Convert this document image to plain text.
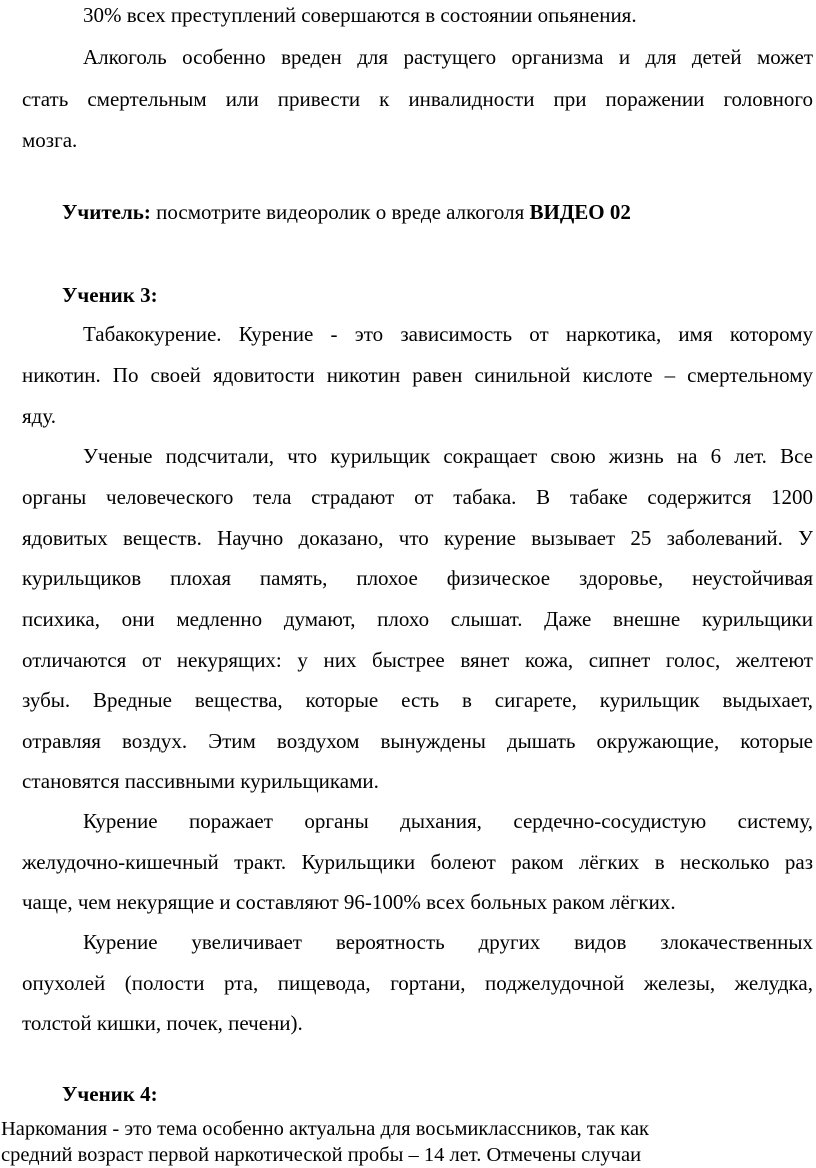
30% всех преступлений совершаются в состоянии опьянения.

Алкоголь особенно вреден для растущего организма и для детей может

стать смертельным или привести к инвалидности при поражении головного

мозга.

Учитель: посмотрите видеоролик о вреде алкоголя ВИДЕО 02

Ученик 3:

Табакокурение. Курение - это зависимость от наркотика, имя которому

никотин. По своей ядовитости никотин равен синильной кислоте – смертельному

яду.

Ученые подсчитали, что курильщик сокращает свою жизнь на 6 лет. Все

органы человеческого тела страдают от табака. В табаке содержится 1200

ядовитых веществ. Научно доказано, что курение вызывает 25 заболеваний. У

курильщиков плохая память, плохое физическое здоровье, неустойчивая

психика, они медленно думают, плохо слышат. Даже внешне курильщики

отличаются от некурящих: у них быстрее вянет кожа, сипнет голос, желтеют

зубы. Вредные вещества, которые есть в сигарете, курильщик выдыхает,

отравляя воздух. Этим воздухом вынуждены дышать окружающие, которые

становятся пассивными курильщиками.

Курение поражает органы дыхания, сердечно-сосудистую систему,

желудочно-кишечный тракт. Курильщики болеют раком лёгких в несколько раз

чаще, чем некурящие и составляют 96-100% всех больных раком лёгких.

Курение увеличивает вероятность других видов злокачественных

опухолей (полости рта, пищевода, гортани, поджелудочной железы, желудка,

толстой кишки, почек, печени).

Ученик 4:

Наркомания - это тема особенно актуальна для восьмиклассников, так как

средний возраст первой наркотической пробы – 14 лет. Отмечены случаи
